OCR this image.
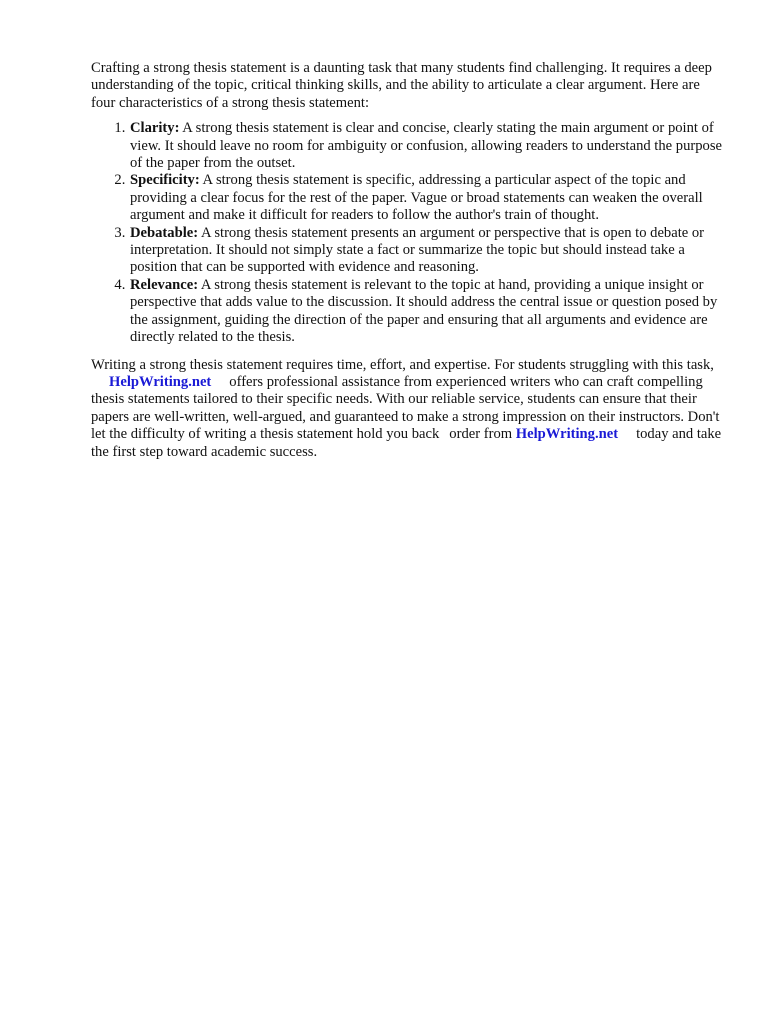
Crafting a strong thesis statement is a daunting task that many students find challenging. It requires a deep understanding of the topic, critical thinking skills, and the ability to articulate a clear argument. Here are four characteristics of a strong thesis statement:

1. Clarity: A strong thesis statement is clear and concise, clearly stating the main argument or point of view. It should leave no room for ambiguity or confusion, allowing readers to understand the purpose of the paper from the outset.
2. Specificity: A strong thesis statement is specific, addressing a particular aspect of the topic and providing a clear focus for the rest of the paper. Vague or broad statements can weaken the overall argument and make it difficult for readers to follow the author's train of thought.
3. Debatable: A strong thesis statement presents an argument or perspective that is open to debate or interpretation. It should not simply state a fact or summarize the topic but should instead take a position that can be supported with evidence and reasoning.
4. Relevance: A strong thesis statement is relevant to the topic at hand, providing a unique insight or perspective that adds value to the discussion. It should address the central issue or question posed by the assignment, guiding the direction of the paper and ensuring that all arguments and evidence are directly related to the thesis.

Writing a strong thesis statement requires time, effort, and expertise. For students struggling with this task,HelpWriting.net offers professional assistance from experienced writers who can craft compelling thesis statements tailored to their specific needs. With our reliable service, students can ensure that their papers are well-written, well-argued, and guaranteed to make a strong impression on their instructors. Don't let the difficulty of writing a thesis statement hold you back order from HelpWriting.net today and take the first step toward academic success.
